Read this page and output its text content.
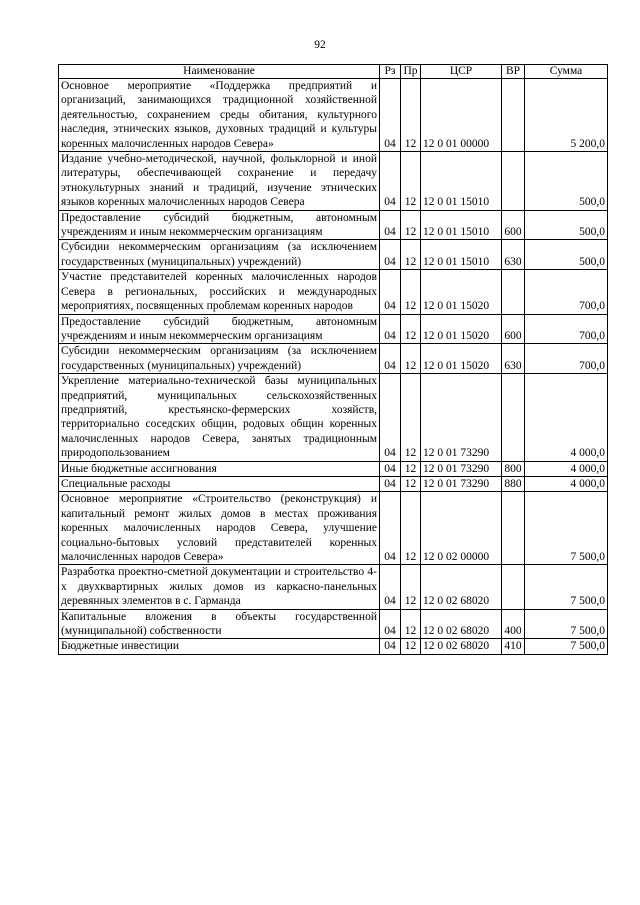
92
Наименование	Рз	Пр	ЦСР	ВР	Сумма
Основное мероприятие «Поддержка предприятий и организаций, занимающихся традиционной хозяйственной деятельностью, сохранением среды обитания, культурного наследия, этнических языков, духовных традиций и культуры коренных малочисленных народов Севера»	04	12	12 0 01 00000		5 200,0
Издание учебно-методической, научной, фольклорной и иной литературы, обеспечивающей сохранение и передачу этнокультурных знаний и традиций, изучение этнических языков коренных малочисленных народов Севера	04	12	12 0 01 15010		500,0
Предоставление субсидий бюджетным, автономным учреждениям и иным некоммерческим организациям	04	12	12 0 01 15010	600	500,0
Субсидии некоммерческим организациям (за исключением государственных (муниципальных) учреждений)	04	12	12 0 01 15010	630	500,0
Участие представителей коренных малочисленных народов Севера в региональных, российских и международных мероприятиях, посвященных проблемам коренных народов	04	12	12 0 01 15020		700,0
Предоставление субсидий бюджетным, автономным учреждениям и иным некоммерческим организациям	04	12	12 0 01 15020	600	700,0
Субсидии некоммерческим организациям (за исключением государственных (муниципальных) учреждений)	04	12	12 0 01 15020	630	700,0
Укрепление материально-технической базы муниципальных предприятий, муниципальных сельскохозяйственных предприятий, крестьянско-фермерских хозяйств, территориально соседских общин, родовых общин коренных малочисленных народов Севера, занятых традиционным природопользованием	04	12	12 0 01 73290		4 000,0
Иные бюджетные ассигнования	04	12	12 0 01 73290	800	4 000,0
Специальные расходы	04	12	12 0 01 73290	880	4 000,0
Основное мероприятие «Строительство (реконструкция) и капитальный ремонт жилых домов в местах проживания коренных малочисленных народов Севера, улучшение социально-бытовых условий представителей коренных малочисленных народов Севера»	04	12	12 0 02 00000		7 500,0
Разработка проектно-сметной документации и строительство 4-х двухквартирных жилых домов из каркасно-панельных деревянных элементов в с. Гарманда	04	12	12 0 02 68020		7 500,0
Капитальные вложения в объекты государственной (муниципальной) собственности	04	12	12 0 02 68020	400	7 500,0
Бюджетные инвестиции	04	12	12 0 02 68020	410	7 500,0
